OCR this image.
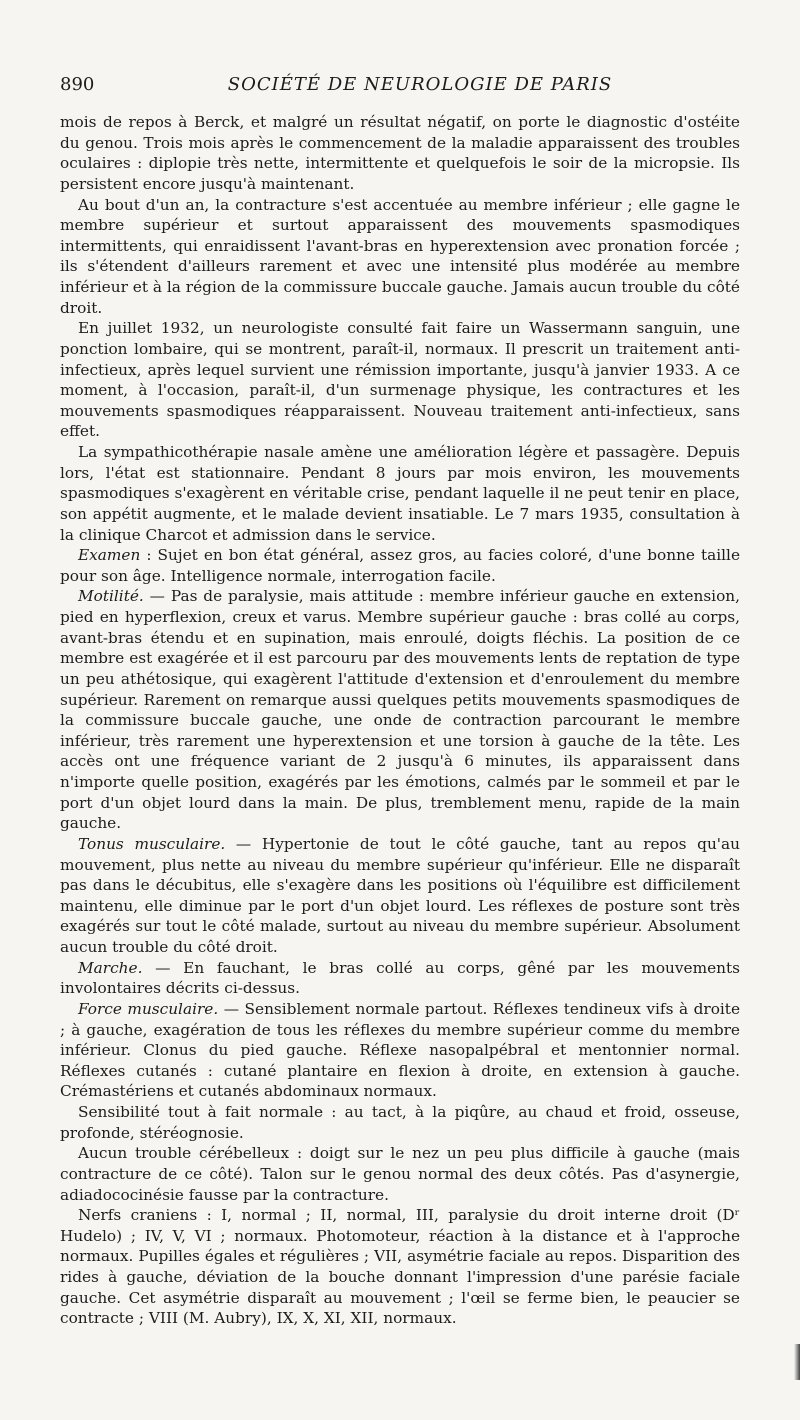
890	SOCIÉTÉ DE NEUROLOGIE DE PARIS

mois de repos à Berck, et malgré un résultat négatif, on porte le diagnostic d'ostéite du genou. Trois mois après le commencement de la maladie apparaissent des troubles oculaires : diplopie très nette, intermittente et quelquefois le soir de la micropsie. Ils persistent encore jusqu'à maintenant.

Au bout d'un an, la contracture s'est accentuée au membre inférieur ; elle gagne le membre supérieur et surtout apparaissent des mouvements spasmodiques intermittents, qui enraidissent l'avant-bras en hyperextension avec pronation forcée ; ils s'étendent d'ailleurs rarement et avec une intensité plus modérée au membre inférieur et à la région de la commissure buccale gauche. Jamais aucun trouble du côté droit.

En juillet 1932, un neurologiste consulté fait faire un Wassermann sanguin, une ponction lombaire, qui se montrent, paraît-il, normaux. Il prescrit un traitement anti-infectieux, après lequel survient une rémission importante, jusqu'à janvier 1933. A ce moment, à l'occasion, paraît-il, d'un surmenage physique, les contractures et les mouvements spasmodiques réapparaissent. Nouveau traitement anti-infectieux, sans effet.

La sympathicothérapie nasale amène une amélioration légère et passagère. Depuis lors, l'état est stationnaire. Pendant 8 jours par mois environ, les mouvements spasmodiques s'exagèrent en véritable crise, pendant laquelle il ne peut tenir en place, son appétit augmente, et le malade devient insatiable. Le 7 mars 1935, consultation à la clinique Charcot et admission dans le service.

Examen : Sujet en bon état général, assez gros, au facies coloré, d'une bonne taille pour son âge. Intelligence normale, interrogation facile.

Motilité. — Pas de paralysie, mais attitude : membre inférieur gauche en extension, pied en hyperflexion, creux et varus. Membre supérieur gauche : bras collé au corps, avant-bras étendu et en supination, mais enroulé, doigts fléchis. La position de ce membre est exagérée et il est parcouru par des mouvements lents de reptation de type un peu athétosique, qui exagèrent l'attitude d'extension et d'enroulement du membre supérieur. Rarement on remarque aussi quelques petits mouvements spasmodiques de la commissure buccale gauche, une onde de contraction parcourant le membre inférieur, très rarement une hyperextension et une torsion à gauche de la tête. Les accès ont une fréquence variant de 2 jusqu'à 6 minutes, ils apparaissent dans n'importe quelle position, exagérés par les émotions, calmés par le sommeil et par le port d'un objet lourd dans la main. De plus, tremblement menu, rapide de la main gauche.

Tonus musculaire. — Hypertonie de tout le côté gauche, tant au repos qu'au mouvement, plus nette au niveau du membre supérieur qu'inférieur. Elle ne disparaît pas dans le décubitus, elle s'exagère dans les positions où l'équilibre est difficilement maintenu, elle diminue par le port d'un objet lourd. Les réflexes de posture sont très exagérés sur tout le côté malade, surtout au niveau du membre supérieur. Absolument aucun trouble du côté droit.

Marche. — En fauchant, le bras collé au corps, gêné par les mouvements involontaires décrits ci-dessus.

Force musculaire. — Sensiblement normale partout. Réflexes tendineux vifs à droite ; à gauche, exagération de tous les réflexes du membre supérieur comme du membre inférieur. Clonus du pied gauche. Réflexe nasopalpébral et mentonnier normal. Réflexes cutanés : cutané plantaire en flexion à droite, en extension à gauche. Crémastériens et cutanés abdominaux normaux.

Sensibilité tout à fait normale : au tact, à la piqûre, au chaud et froid, osseuse, profonde, stéréognosie.

Aucun trouble cérébelleux : doigt sur le nez un peu plus difficile à gauche (mais contracture de ce côté). Talon sur le genou normal des deux côtés. Pas d'asynergie, adiadococinésie fausse par la contracture.

Nerfs craniens : I, normal ; II, normal, III, paralysie du droit interne droit (Dʳ Hudelo) ; IV, V, VI ; normaux. Photomoteur, réaction à la distance et à l'approche normaux. Pupilles égales et régulières ; VII, asymétrie faciale au repos. Disparition des rides à gauche, déviation de la bouche donnant l'impression d'une parésie faciale gauche. Cet asymétrie disparaît au mouvement ; l'œil se ferme bien, le peaucier se contracte ; VIII (M. Aubry), IX, X, XI, XII, normaux.
